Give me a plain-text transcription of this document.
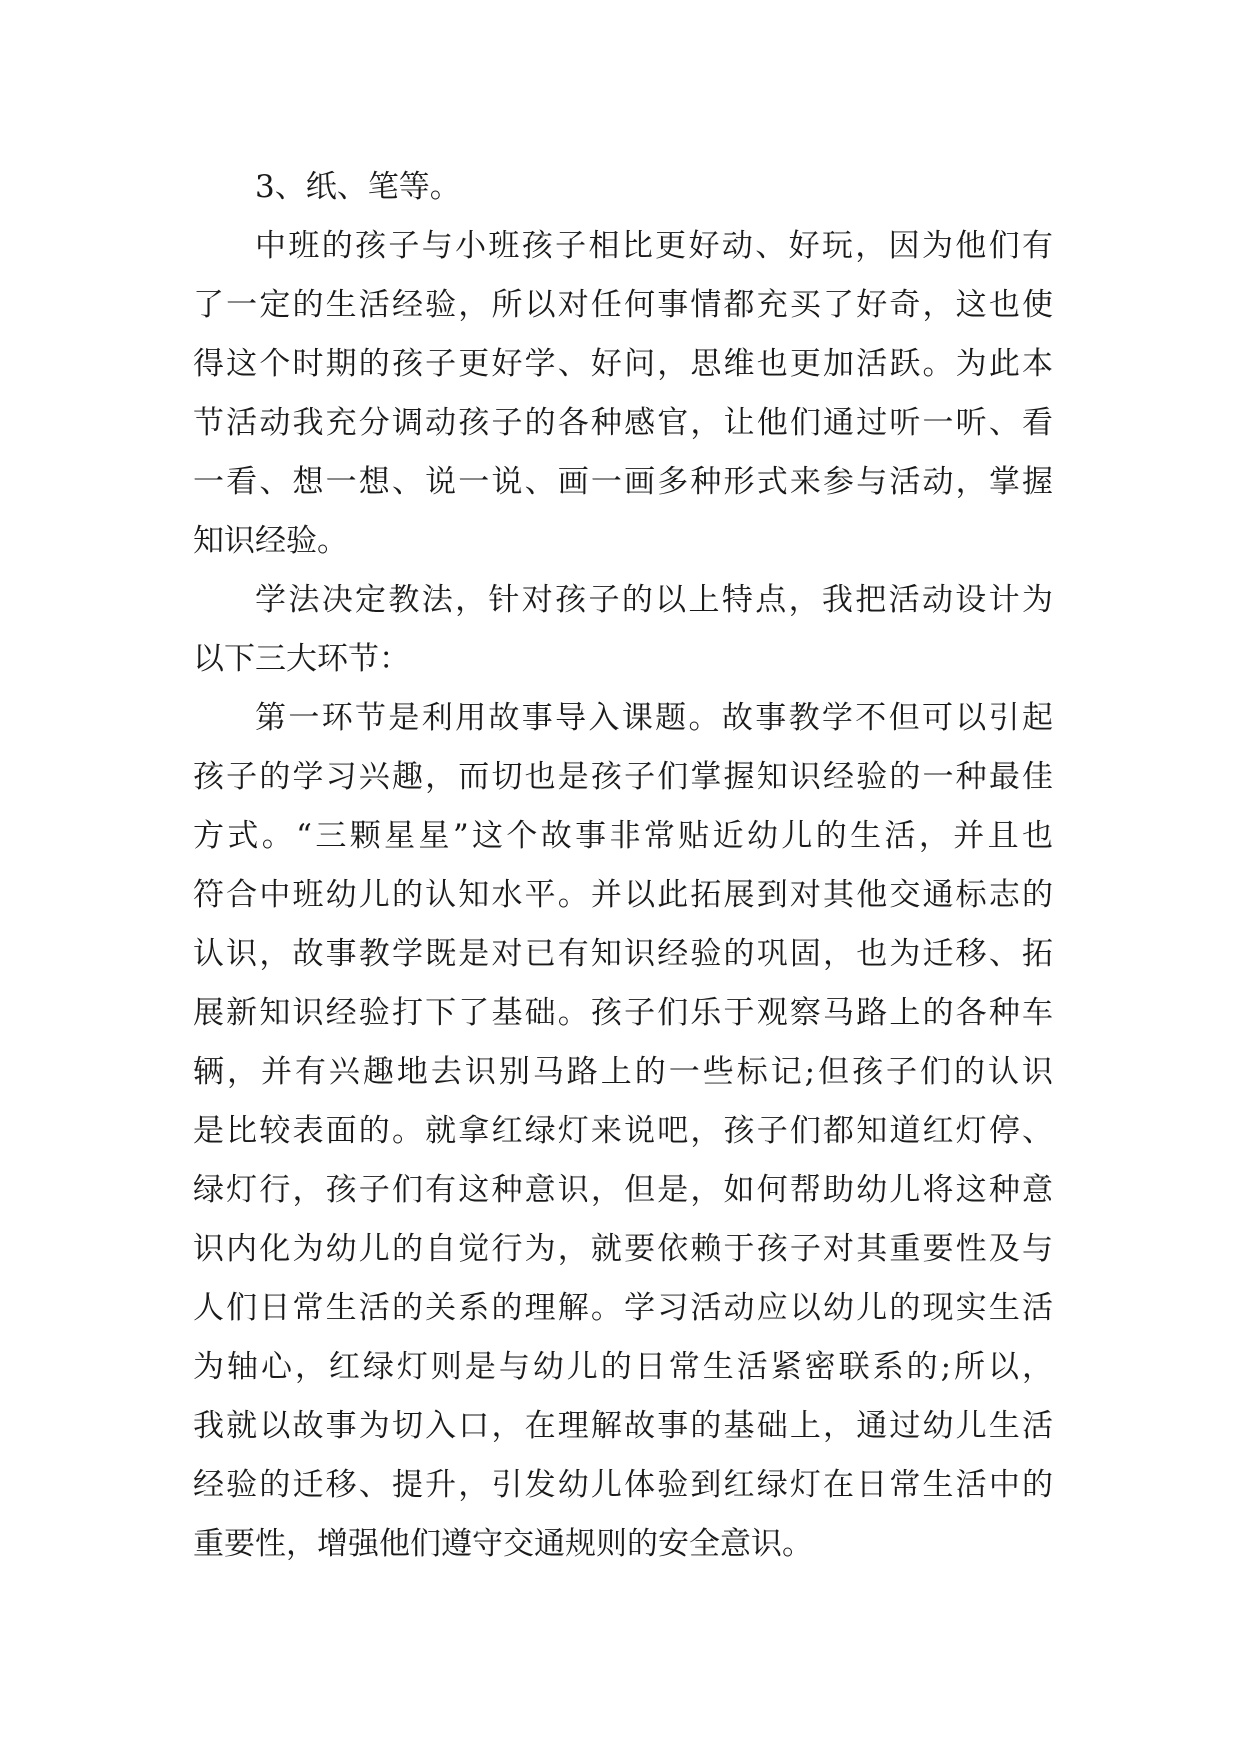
3、纸、笔等。
中班的孩子与小班孩子相比更好动、好玩，因为他们有
了一定的生活经验，所以对任何事情都充买了好奇，这也使
得这个时期的孩子更好学、好问，思维也更加活跃。为此本
节活动我充分调动孩子的各种感官，让他们通过听一听、看
一看、想一想、说一说、画一画多种形式来参与活动，掌握
知识经验。
学法决定教法，针对孩子的以上特点，我把活动设计为
以下三大环节：
第一环节是利用故事导入课题。故事教学不但可以引起
孩子的学习兴趣，而切也是孩子们掌握知识经验的一种最佳
方式。“三颗星星”这个故事非常贴近幼儿的生活，并且也
符合中班幼儿的认知水平。并以此拓展到对其他交通标志的
认识，故事教学既是对已有知识经验的巩固，也为迁移、拓
展新知识经验打下了基础。孩子们乐于观察马路上的各种车
辆，并有兴趣地去识别马路上的一些标记;但孩子们的认识
是比较表面的。就拿红绿灯来说吧，孩子们都知道红灯停、
绿灯行，孩子们有这种意识，但是，如何帮助幼儿将这种意
识内化为幼儿的自觉行为，就要依赖于孩子对其重要性及与
人们日常生活的关系的理解。学习活动应以幼儿的现实生活
为轴心，红绿灯则是与幼儿的日常生活紧密联系的;所以，
我就以故事为切入口，在理解故事的基础上，通过幼儿生活
经验的迁移、提升，引发幼儿体验到红绿灯在日常生活中的
重要性，增强他们遵守交通规则的安全意识。
